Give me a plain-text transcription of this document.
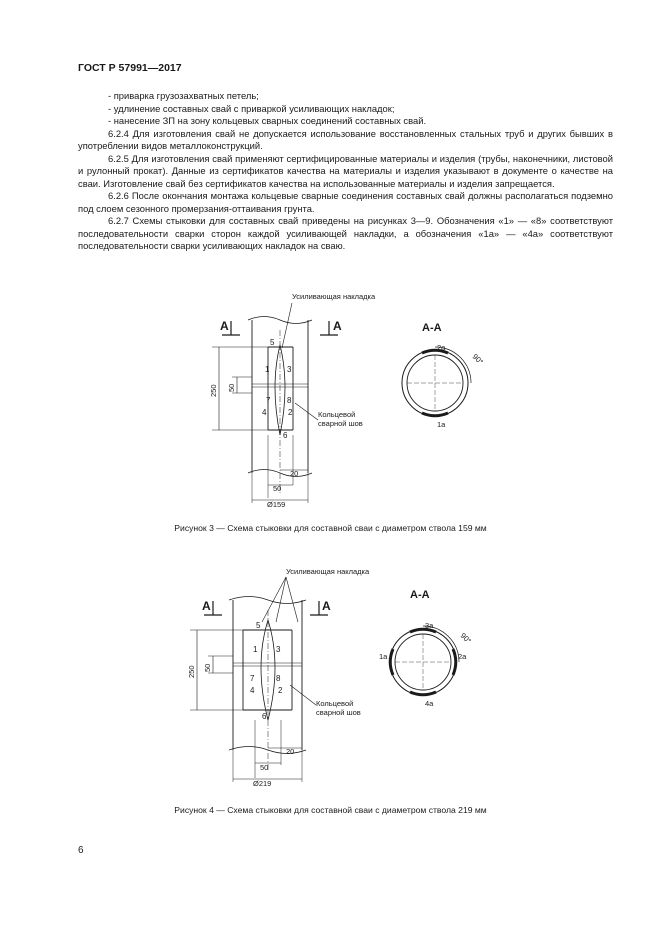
ГОСТ Р 57991—2017

- приварка грузозахватных петель;

- удлинение составных свай с приваркой усиливающих накладок;

- нанесение ЗП на зону кольцевых сварных соединений составных свай.

6.2.4 Для изготовления свай не допускается использование восстановленных стальных труб и других бывших в употреблении видов металлоконструкций.

6.2.5 Для изготовления свай применяют сертифицированные материалы и изделия (трубы, наконечники, листовой и рулонный прокат). Данные из сертификатов качества на материалы и изделия указывают в документе о качестве на сваи. Изготовление свай без сертификатов качества на использованные материалы и изделия запрещается.

6.2.6 После окончания монтажа кольцевые сварные соединения составных свай должны располагаться подземно под слоем сезонного промерзания-оттаивания грунта.

6.2.7 Схемы стыковки для составных свай приведены на рисунках 3—9. Обозначения «1» — «8» соответствуют последовательности сварки сторон каждой усиливающей накладки, а обозначения «1а» — «4а» соответствуют последовательности сварки усиливающих накладок на сваю.

А	А
Усиливающая накладка
Кольцевой
сварной шов
5
1 3
7 8
4	2
6
250 50
20
50
Ø159
А-А
90°
2а
1а
Рисунок 3 — Схема стыковки для составной сваи с диаметром ствола 159 мм
А	А
Усиливающая накладка
Кольцевой
сварной шов
5
1 3
7	8
4	2
6
250 50
20
50
Ø219
А-А
90°
1а	2а
3а
4а
Рисунок 4 — Схема стыковки для составной сваи с диаметром ствола 219 мм
6
